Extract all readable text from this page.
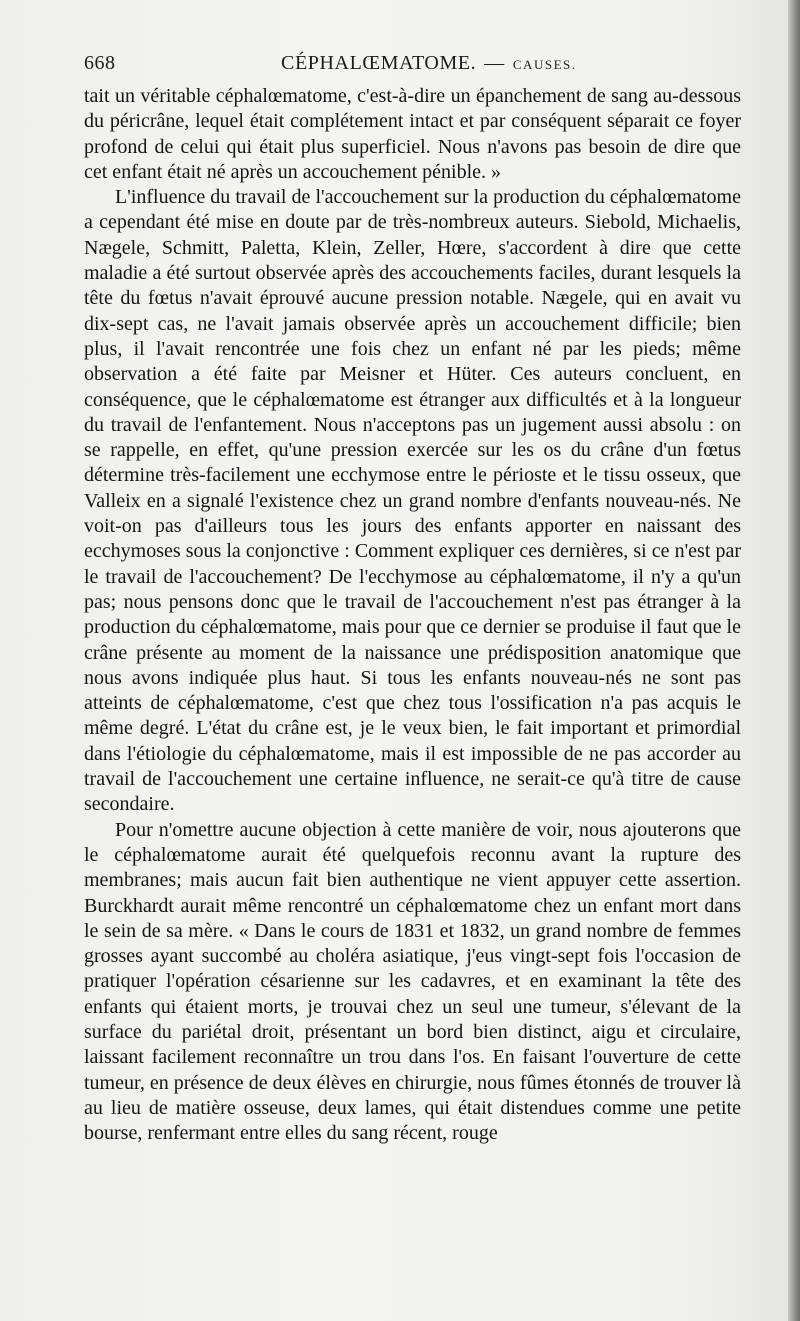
668	CÉPHALŒMATOME. — CAUSES.

tait un véritable céphalœmatome, c'est-à-dire un épanchement de sang au-dessous du péricrâne, lequel était complétement intact et par conséquent séparait ce foyer profond de celui qui était plus superficiel. Nous n'avons pas besoin de dire que cet enfant était né après un accouchement pénible. »

L'influence du travail de l'accouchement sur la production du céphalœmatome a cependant été mise en doute par de très-nombreux auteurs. Siebold, Michaelis, Nægele, Schmitt, Paletta, Klein, Zeller, Hœre, s'accordent à dire que cette maladie a été surtout observée après des accouchements faciles, durant lesquels la tête du fœtus n'avait éprouvé aucune pression notable. Nægele, qui en avait vu dix-sept cas, ne l'avait jamais observée après un accouchement difficile; bien plus, il l'avait rencontrée une fois chez un enfant né par les pieds; même observation a été faite par Meisner et Hüter. Ces auteurs concluent, en conséquence, que le céphalœmatome est étranger aux difficultés et à la longueur du travail de l'enfantement. Nous n'acceptons pas un jugement aussi absolu : on se rappelle, en effet, qu'une pression exercée sur les os du crâne d'un fœtus détermine très-facilement une ecchymose entre le périoste et le tissu osseux, que Valleix en a signalé l'existence chez un grand nombre d'enfants nouveau-nés. Ne voit-on pas d'ailleurs tous les jours des enfants apporter en naissant des ecchymoses sous la conjonctive : Comment expliquer ces dernières, si ce n'est par le travail de l'accouchement? De l'ecchymose au céphalœmatome, il n'y a qu'un pas; nous pensons donc que le travail de l'accouchement n'est pas étranger à la production du céphalœmatome, mais pour que ce dernier se produise il faut que le crâne présente au moment de la naissance une prédisposition anatomique que nous avons indiquée plus haut. Si tous les enfants nouveau-nés ne sont pas atteints de céphalœmatome, c'est que chez tous l'ossification n'a pas acquis le même degré. L'état du crâne est, je le veux bien, le fait important et primordial dans l'étiologie du céphalœmatome, mais il est impossible de ne pas accorder au travail de l'accouchement une certaine influence, ne serait-ce qu'à titre de cause secondaire.

Pour n'omettre aucune objection à cette manière de voir, nous ajouterons que le céphalœmatome aurait été quelquefois reconnu avant la rupture des membranes; mais aucun fait bien authentique ne vient appuyer cette assertion. Burckhardt aurait même rencontré un céphalœmatome chez un enfant mort dans le sein de sa mère. « Dans le cours de 1831 et 1832, un grand nombre de femmes grosses ayant succombé au choléra asiatique, j'eus vingt-sept fois l'occasion de pratiquer l'opération césarienne sur les cadavres, et en examinant la tête des enfants qui étaient morts, je trouvai chez un seul une tumeur, s'élevant de la surface du pariétal droit, présentant un bord bien distinct, aigu et circulaire, laissant facilement reconnaître un trou dans l'os. En faisant l'ouverture de cette tumeur, en présence de deux élèves en chirurgie, nous fûmes étonnés de trouver là au lieu de matière osseuse, deux lames, qui était distendues comme une petite bourse, renfermant entre elles du sang récent, rouge
